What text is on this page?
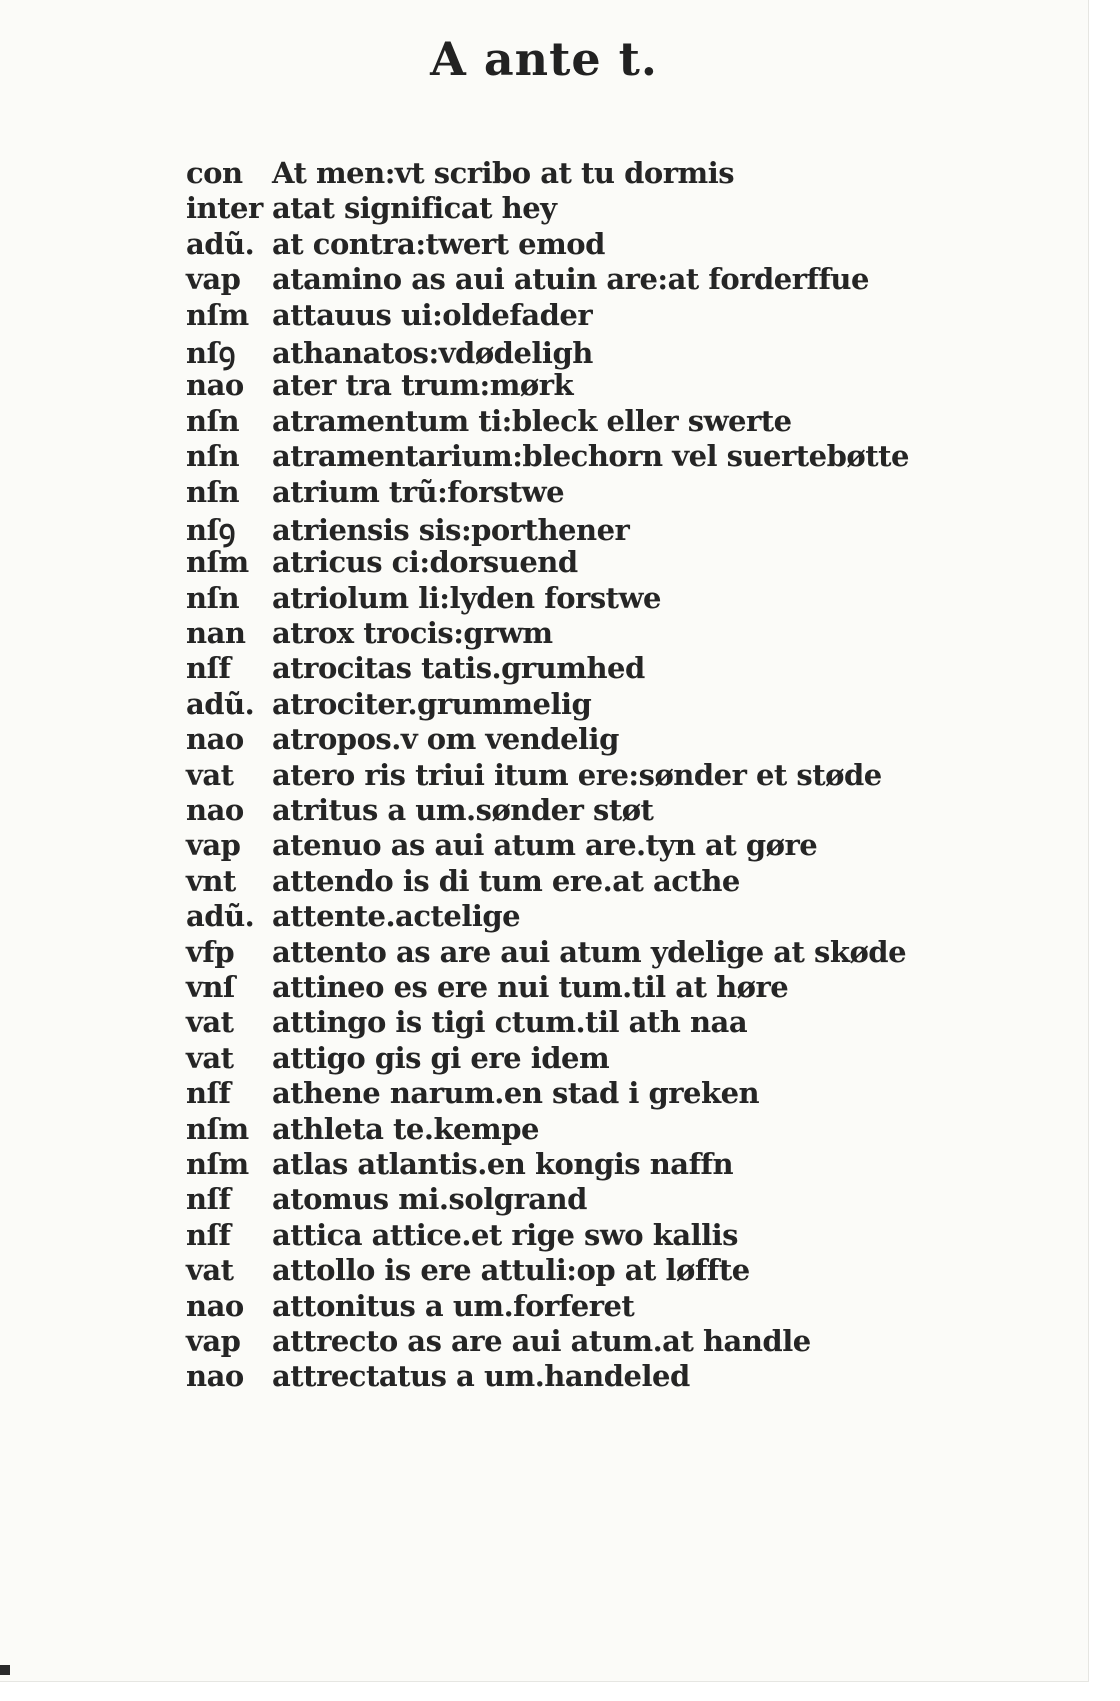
A ante t.
con	At men:vt scribo at tu dormis
inter atat significat hey
adũ. at contra:twert emod
vap	atamino as aui atuin are:at forderffue
nſm attauus ui:oldefader
nſꝯ	athanatos:vdødeligh
nao ater tra trum:mørk
nſn	atramentum ti:bleck eller swerte
nſn	atramentarium:blechorn vel suertebøtte
nſn	atrium trũ:forstwe
nſꝯ	atriensis sis:porthener
nſm atricus ci:dorsuend
nſn	atriolum li:lyden forstwe
nan atrox trocis:grwm
nſf	atrocitas tatis.grumhed
adũ. atrociter.grummelig
nao atropos.v om vendelig
vat	atero ris triui itum ere:sønder et støde
nao atritus a um.sønder støt
vap	atenuo as aui atum are.tyn at gøre
vnt	attendo is di tum ere.at acthe
adũ. attente.actelige
vfp	attento as are aui atum ydelige at skøde
vnſ	attineo es ere nui tum.til at høre
vat	attingo is tigi ctum.til ath naa
vat	attigo gis gi ere idem
nſf	athene narum.en stad i greken
nſm athleta te.kempe
nſm atlas atlantis.en kongis naffn
nſf	atomus mi.solgrand
nſf	attica attice.et rige swo kallis
vat	attollo is ere attuli:op at løffte
nao attonitus a um.forferet
vap	attrecto as are aui atum.at handle
nao attrectatus a um.handeled
